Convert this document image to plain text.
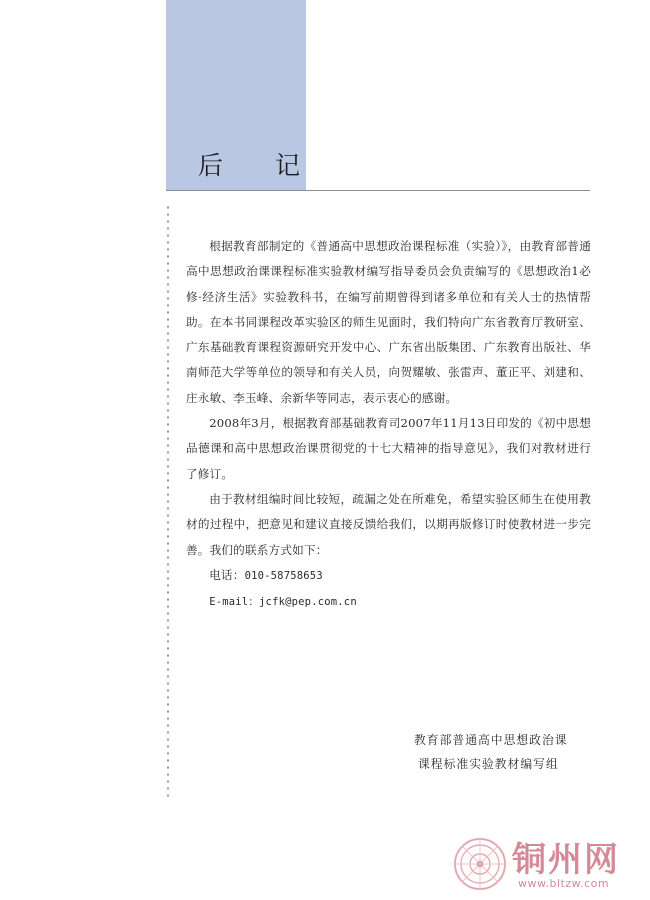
后 记

根据教育部制定的《普通高中思想政治课程标准（实验）》，由教育部普通高中思想政治课课程标准实验教材编写指导委员会负责编写的《思想政治1必修·经济生活》实验教科书，在编写前期曾得到诸多单位和有关人士的热情帮助。在本书同课程改革实验区的师生见面时，我们特向广东省教育厅教研室、广东基础教育课程资源研究开发中心、广东省出版集团、广东教育出版社、华南师范大学等单位的领导和有关人员，向贺耀敏、张雷声、董正平、刘建和、庄永敏、李玉峰、余新华等同志，表示衷心的感谢。

2008年3月，根据教育部基础教育司2007年11月13日印发的《初中思想品德课和高中思想政治课贯彻党的十七大精神的指导意见》，我们对教材进行了修订。

由于教材组编时间比较短，疏漏之处在所难免，希望实验区师生在使用教材的过程中，把意见和建议直接反馈给我们，以期再版修订时使教材进一步完善。我们的联系方式如下：

电话：010-58758653
E-mail：jcfk@pep.com.cn
教育部普通高中思想政治课
课程标准实验教材编写组
铜州网
www.bltzw.com
